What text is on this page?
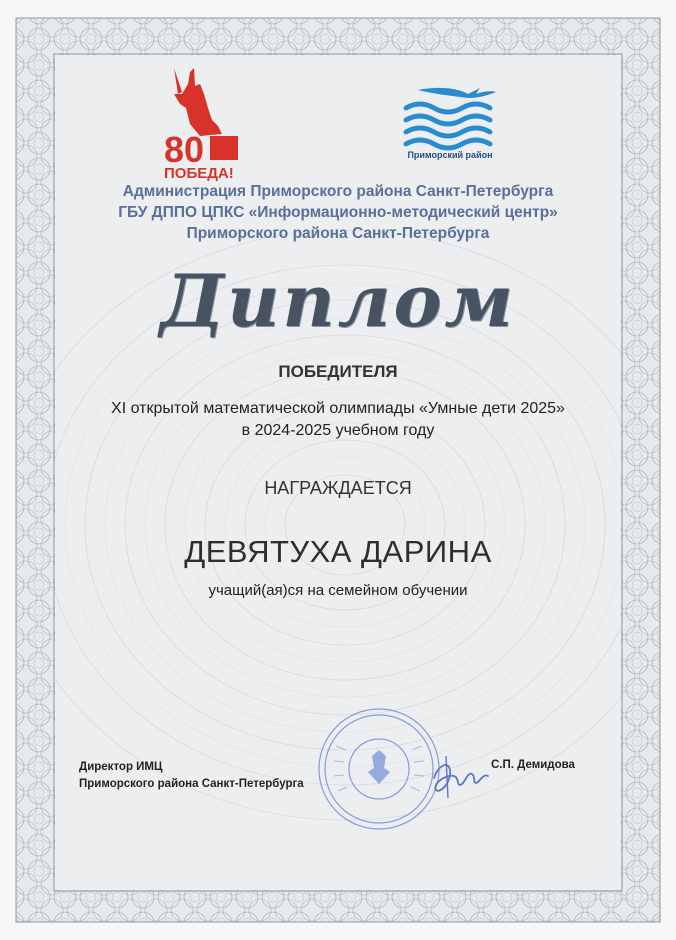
80
ПОБЕДА!
Приморский район
Администрация Приморского района Санкт-Петербурга
ГБУ ДППО ЦПКС «Информационно-методический центр»
Приморского района Санкт-Петербурга
Диплом
ПОБЕДИТЕЛЯ
XI открытой математической олимпиады «Умные дети 2025»
в 2024-2025 учебном году
НАГРАЖДАЕТСЯ
ДЕВЯТУХА ДАРИНА
учащий(ая)ся на семейном обучении
Директор ИМЦ
Приморского района Санкт-Петербурга
С.П. Демидова
